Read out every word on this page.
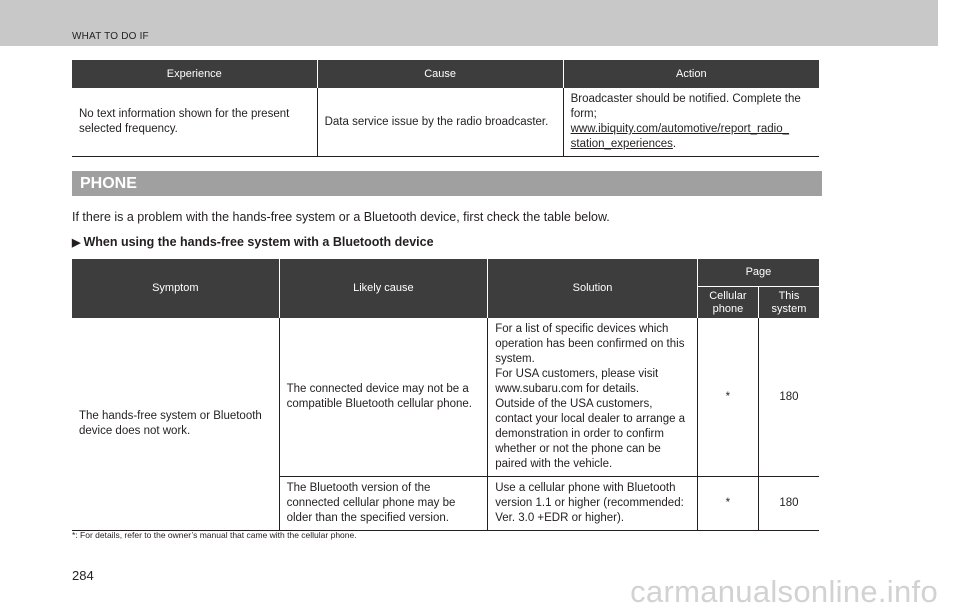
WHAT TO DO IF
Experience	Cause	Action
No text information shown for the present selected frequency.	Data service issue by the radio broadcaster.	Broadcaster should be notified. Complete the form;
www.ibiquity.com/automotive/report_radio_
station_experiences.
PHONE
If there is a problem with the hands-free system or a Bluetooth device, first check the table below.
▶ When using the hands-free system with a Bluetooth device
Symptom	Likely cause	Solution	Page	
			Cellular phone	This system
The hands-free system or Bluetooth device does not work.	The connected device may not be a compatible Bluetooth cellular phone.	For a list of specific devices which operation has been confirmed on this system.
For USA customers, please visit www.subaru.com for details.
Outside of the USA customers, contact your local dealer to arrange a demonstration in order to confirm whether or not the phone can be paired with the vehicle.	*	180
	The Bluetooth version of the connected cellular phone may be older than the specified version.	Use a cellular phone with Bluetooth version 1.1 or higher (recommended: Ver. 3.0 +EDR or higher).	*	180
*: For details, refer to the owner’s manual that came with the cellular phone.
284	carmanualsonline.info
